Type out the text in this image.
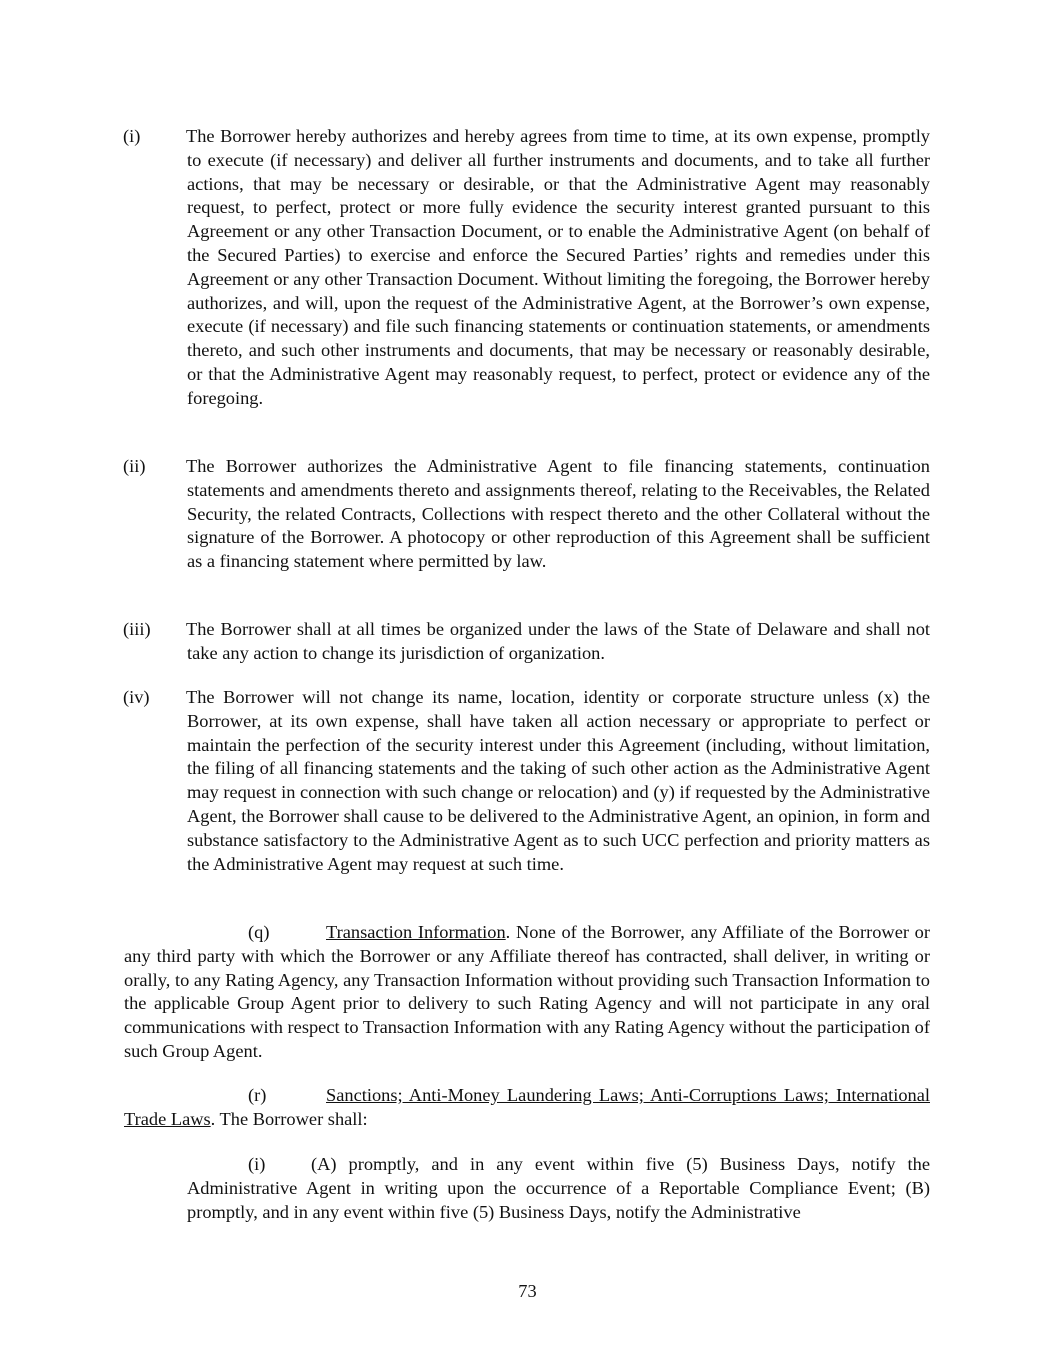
(i) The Borrower hereby authorizes and hereby agrees from time to time, at its own expense, promptly to execute (if necessary) and deliver all further instruments and documents, and to take all further actions, that may be necessary or desirable, or that the Administrative Agent may reasonably request, to perfect, protect or more fully evidence the security interest granted pursuant to this Agreement or any other Transaction Document, or to enable the Administrative Agent (on behalf of the Secured Parties) to exercise and enforce the Secured Parties’ rights and remedies under this Agreement or any other Transaction Document. Without limiting the foregoing, the Borrower hereby authorizes, and will, upon the request of the Administrative Agent, at the Borrower’s own expense, execute (if necessary) and file such financing statements or continuation statements, or amendments thereto, and such other instruments and documents, that may be necessary or reasonably desirable, or that the Administrative Agent may reasonably request, to perfect, protect or evidence any of the foregoing.

(ii) The Borrower authorizes the Administrative Agent to file financing statements, continuation statements and amendments thereto and assignments thereof, relating to the Receivables, the Related Security, the related Contracts, Collections with respect thereto and the other Collateral without the signature of the Borrower. A photocopy or other reproduction of this Agreement shall be sufficient as a financing statement where permitted by law.

(iii) The Borrower shall at all times be organized under the laws of the State of Delaware and shall not take any action to change its jurisdiction of organization.

(iv) The Borrower will not change its name, location, identity or corporate structure unless (x) the Borrower, at its own expense, shall have taken all action necessary or appropriate to perfect or maintain the perfection of the security interest under this Agreement (including, without limitation, the filing of all financing statements and the taking of such other action as the Administrative Agent may request in connection with such change or relocation) and (y) if requested by the Administrative Agent, the Borrower shall cause to be delivered to the Administrative Agent, an opinion, in form and substance satisfactory to the Administrative Agent as to such UCC perfection and priority matters as the Administrative Agent may request at such time.

(q)	Transaction Information. None of the Borrower, any Affiliate of the Borrower or any third party with which the Borrower or any Affiliate thereof has contracted, shall deliver, in writing or orally, to any Rating Agency, any Transaction Information without providing such Transaction Information to the applicable Group Agent prior to delivery to such Rating Agency and will not participate in any oral communications with respect to Transaction Information with any Rating Agency without the participation of such Group Agent.

(r)	Sanctions; Anti-Money Laundering Laws; Anti-Corruptions Laws; International Trade Laws. The Borrower shall:

(i) (A) promptly, and in any event within five (5) Business Days, notify the Administrative Agent in writing upon the occurrence of a Reportable Compliance Event; (B) promptly, and in any event within five (5) Business Days, notify the Administrative

73
